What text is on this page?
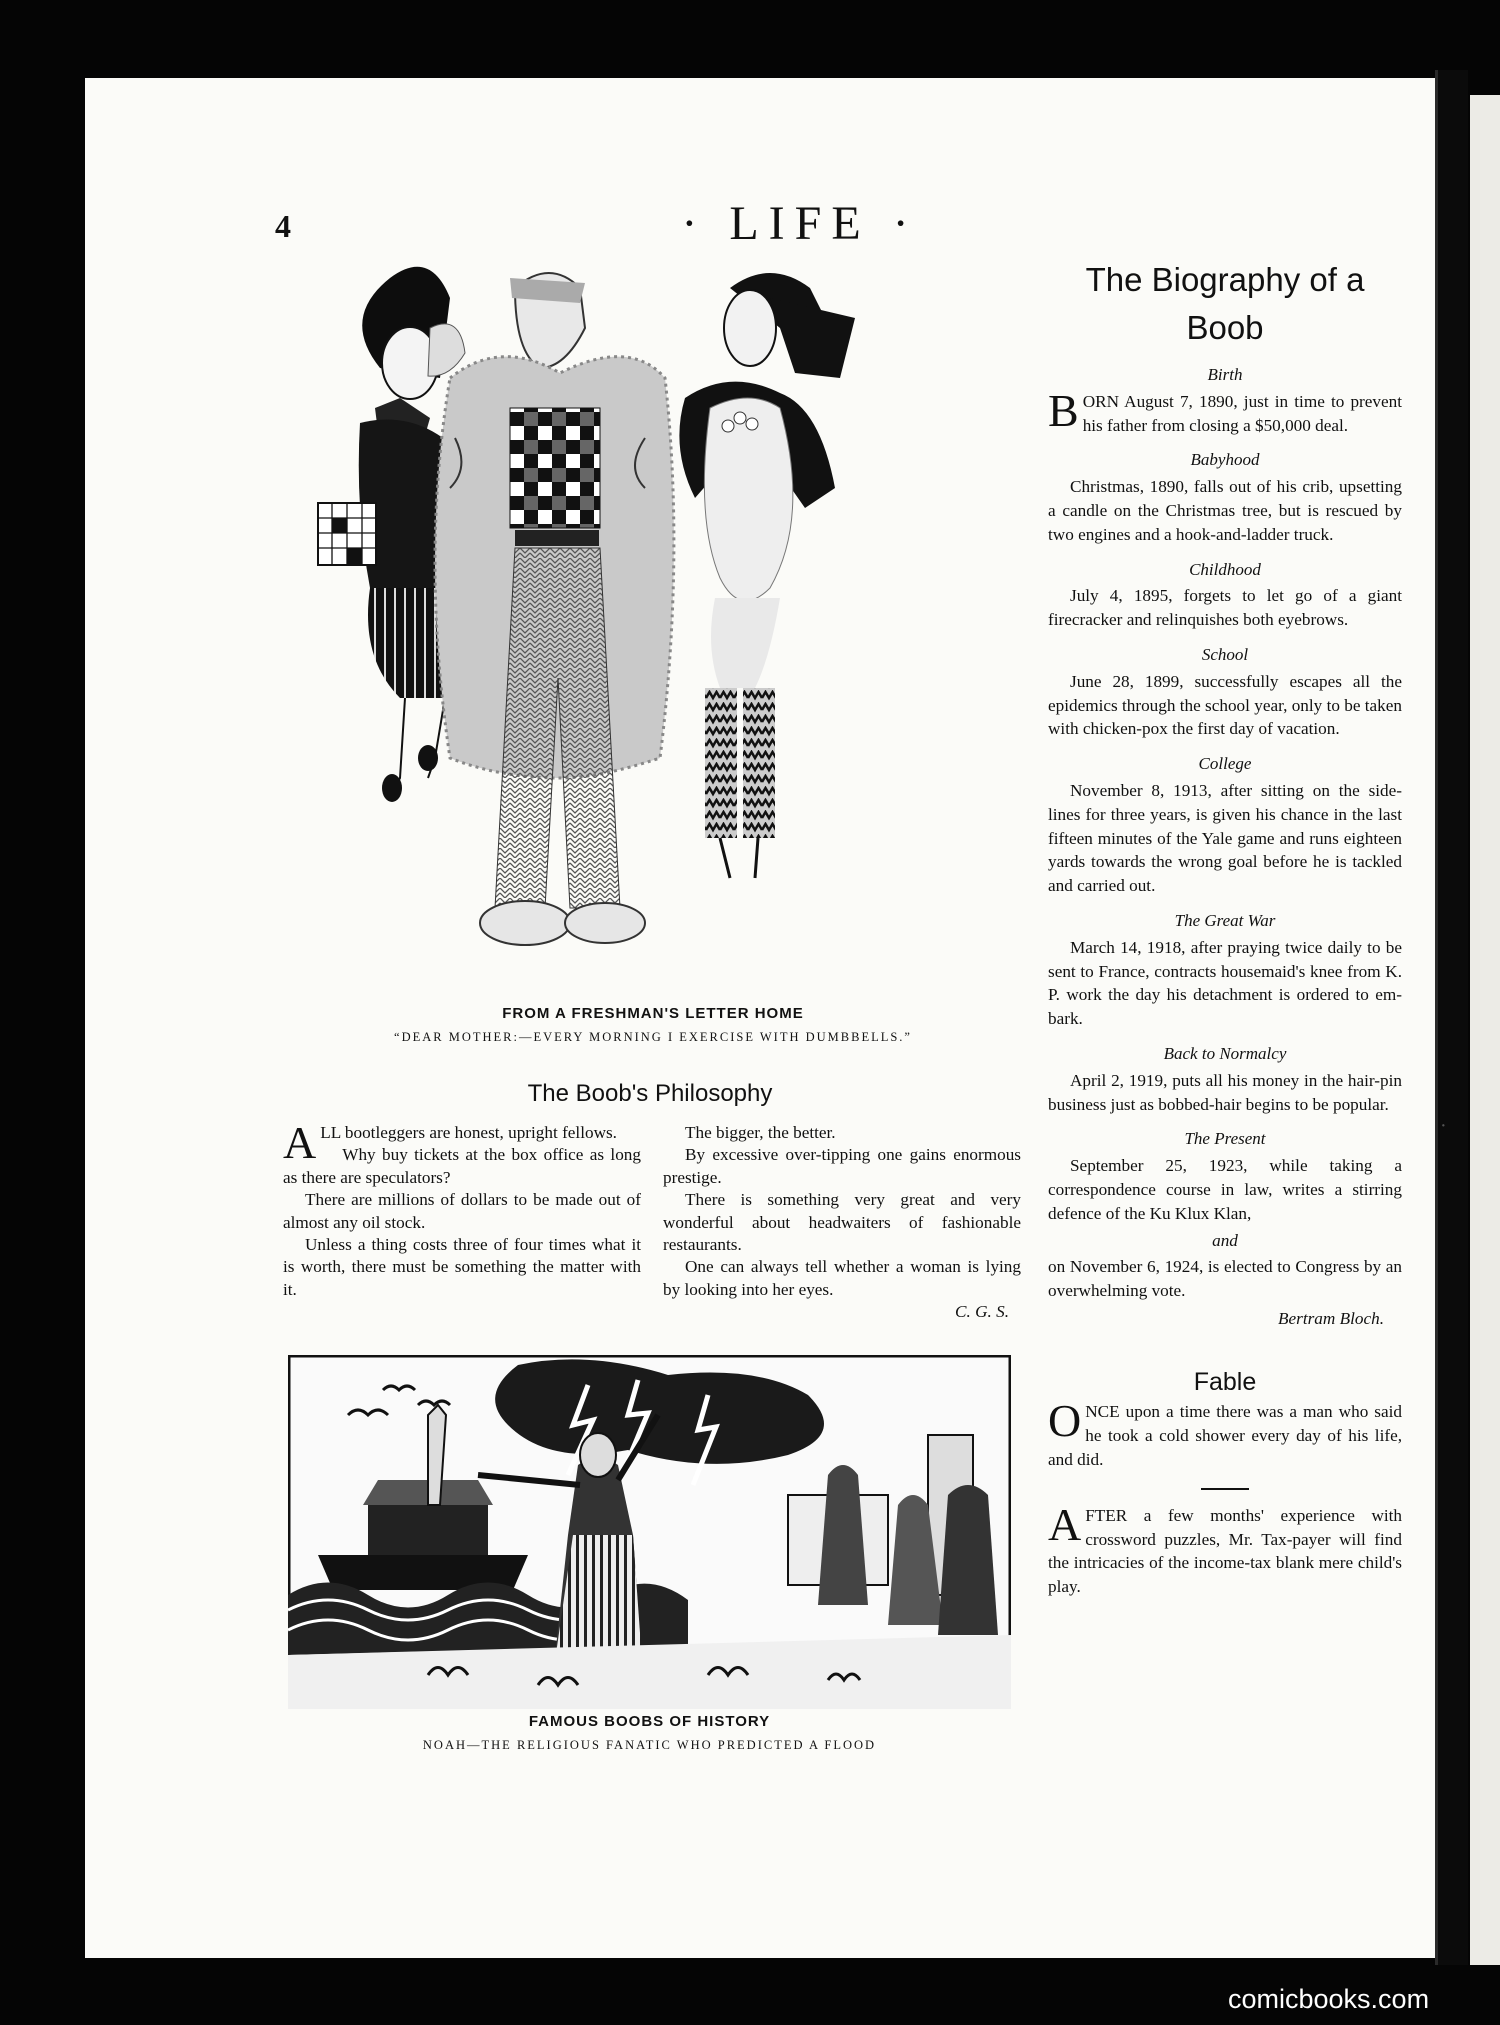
4	· LIFE ·
FROM A FRESHMAN'S LETTER HOME
“DEAR MOTHER:—EVERY MORNING I EXERCISE WITH DUMBBELLS.”
The Boob's Philosophy

ALL bootleggers are honest, upright fellows.

Why buy tickets at the box office as long as there are speculators?

There are millions of dollars to be made out of almost any oil stock.

Unless a thing costs three of four times what it is worth, there must be something the matter with it.

The bigger, the better.

By excessive over-tipping one gains enormous prestige.

There is something very great and very wonderful about headwaiters of fashionable restaurants.

One can always tell whether a woman is lying by looking into her eyes.

C. G. S.
FAMOUS BOOBS OF HISTORY
NOAH—THE RELIGIOUS FANATIC WHO PREDICTED A FLOOD
The Biography of a Boob
Birth

BORN August 7, 1890, just in time to prevent his father from closing a $50,000 deal.

Babyhood

Christmas, 1890, falls out of his crib, upsetting a candle on the Christmas tree, but is rescued by two engines and a hook-and-ladder truck.

Childhood

July 4, 1895, forgets to let go of a giant firecracker and relinquishes both eyebrows.

School

June 28, 1899, successfully escapes all the epidemics through the school year, only to be taken with chicken-pox the first day of vacation.

College

November 8, 1913, after sitting on the side-lines for three years, is given his chance in the last fifteen minutes of the Yale game and runs eighteen yards towards the wrong goal before he is tackled and carried out.

The Great War

March 14, 1918, after praying twice daily to be sent to France, contracts housemaid's knee from K. P. work the day his detachment is ordered to em-bark.

Back to Normalcy

April 2, 1919, puts all his money in the hair-pin business just as bobbed-hair begins to be popular.

The Present

September 25, 1923, while taking a correspondence course in law, writes a stirring defence of the Ku Klux Klan,

and

on November 6, 1924, is elected to Congress by an overwhelming vote.

Bertram Bloch.
Fable

ONCE upon a time there was a man who said he took a cold shower every day of his life, and did.

AFTER a few months' experience with crossword puzzles, Mr. Tax-payer will find the intricacies of the income-tax blank mere child's play.

·
comicbooks.com
